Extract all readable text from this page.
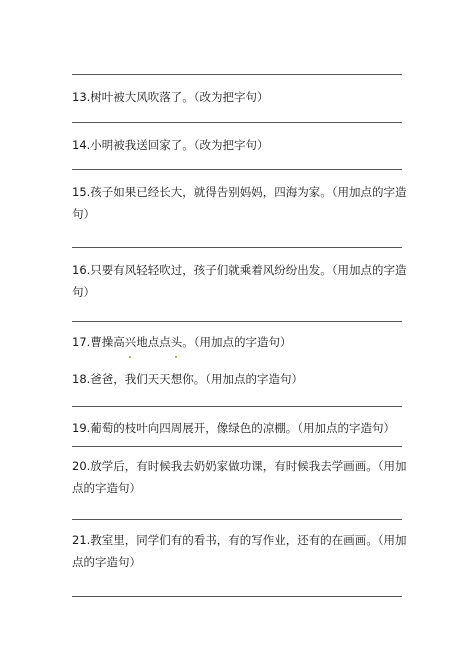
13.树叶被大风吹落了。（改为把字句）
14.小明被我送回家了。（改为把字句）
15.孩子如果已经长大，就得告别妈妈，四海为家。（用加点的字造句）
16.只要有风轻轻吹过，孩子们就乘着风纷纷出发。（用加点的字造句）
17.曹操高兴地点点头。（用加点的字造句）
18.爸爸，我们天天想你。（用加点的字造句）
19.葡萄的枝叶向四周展开，像绿色的凉棚。（用加点的字造句）
20.放学后，有时候我去奶奶家做功课，有时候我去学画画。（用加点的字造句）
21.教室里，同学们有的看书，有的写作业，还有的在画画。（用加点的字造句）
